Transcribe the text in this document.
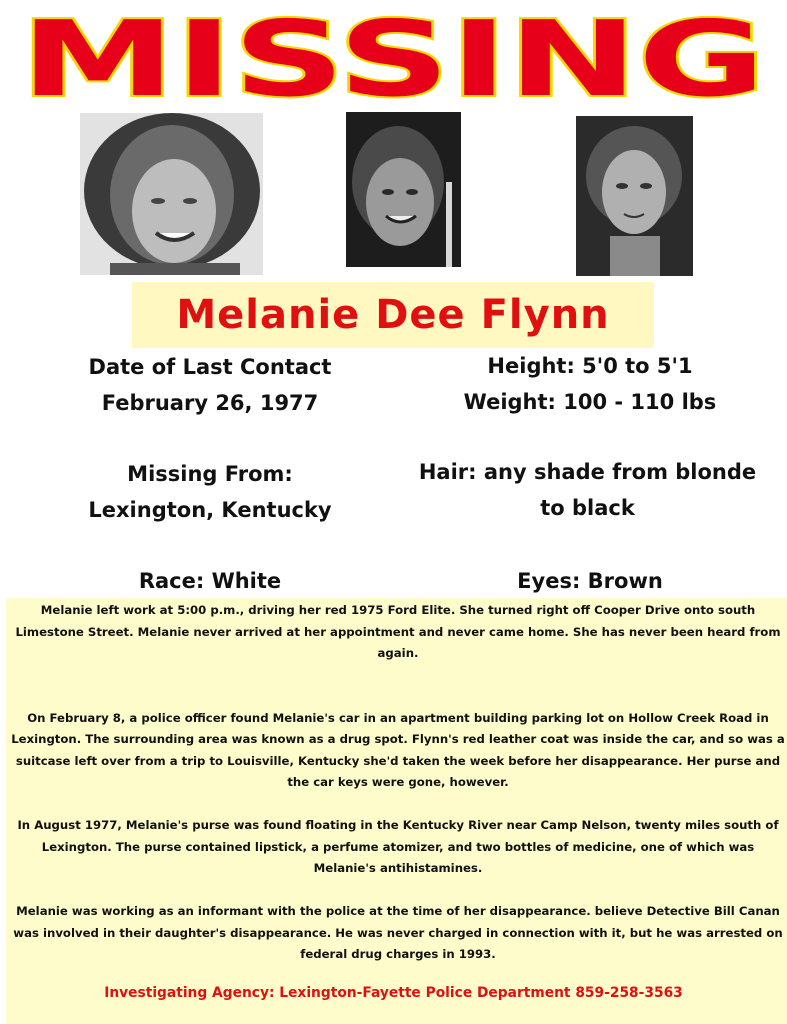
MISSING
Melanie Dee Flynn
Date of Last Contact
February 26, 1977
Height: 5'0 to 5'1
Weight: 100 - 110 lbs
Missing From:
Lexington, Kentucky
Hair: any shade from blonde
to black
Race: White	Eyes: Brown

Melanie left work at 5:00 p.m., driving her red 1975 Ford Elite. She turned right off Cooper Drive onto south Limestone Street. Melanie never arrived at her appointment and never came home. She has never been heard from again.

On February 8, a police officer found Melanie's car in an apartment building parking lot on Hollow Creek Road in Lexington. The surrounding area was known as a drug spot. Flynn's red leather coat was inside the car, and so was a suitcase left over from a trip to Louisville, Kentucky she'd taken the week before her disappearance. Her purse and the car keys were gone, however.

In August 1977, Melanie's purse was found floating in the Kentucky River near Camp Nelson, twenty miles south of Lexington. The purse contained lipstick, a perfume atomizer, and two bottles of medicine, one of which was Melanie's antihistamines.

Melanie was working as an informant with the police at the time of her disappearance. believe Detective Bill Canan was involved in their daughter's disappearance. He was never charged in connection with it, but he was arrested on federal drug charges in 1993.

Investigating Agency: Lexington-Fayette Police Department 859-258-3563
